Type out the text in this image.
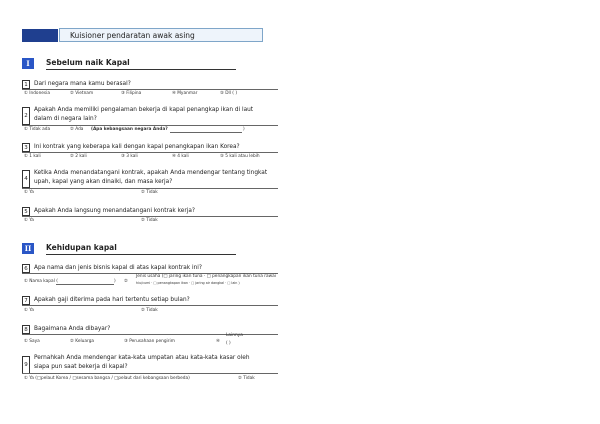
Kuisioner pendaratan awak asing
I	Sebelum naik Kapal
1	Dari negara mana kamu berasal?
① Indonesia	② Vietnam	③ Filipina	④ Myanmar	⑤ Dll ( )
2
Apakah Anda memiliki pengalaman bekerja di kapal penangkap ikan di laut
dalam di negara lain?
① Tidak ada	② Ada (Apa kebangsaan negara Anda?	)
3	Ini kontrak yang keberapa kali dengan kapal penangkapan ikan Korea?
① 1 kali	② 2 kali	③ 3 kali	④ 4 kali	⑤ 5 kali atau lebih
4
Ketika Anda menandatangani kontrak, apakah Anda mendengar tentang tingkat
upah, kapal yang akan dinaiki, dan masa kerja?
① Ya	② Tidak
5	Apakah Anda langsung menandatangani kontrak kerja?
① Ya	② Tidak
II	Kehidupan kapal
6	Apa nama dan jenis bisnis kapal di atas kapal kontrak ini?
① Nama kapal (	) ②
Jenis usaha (□ jaring ikan tuna · □ penangkapan ikan tuna rawai
hiu/cumi · □ penangkapan ikan · □ jaring air dangkal · □ lain )
7	Apakah gaji diterima pada hari tertentu setiap bulan?
① Ya	② Tidak
8	Bagaimana Anda dibayar?
① Saya	② Keluarga	③ Perusahaan pengirim	④
Lainnya
( )
9
Pernahkah Anda mendengar kata-kata umpatan atau kata-kata kasar oleh
siapa pun saat bekerja di kapal?
① Ya (□pelaut Korea / □sesama bangsa / □pelaut dari kebangsaan berbeda)	② Tidak
